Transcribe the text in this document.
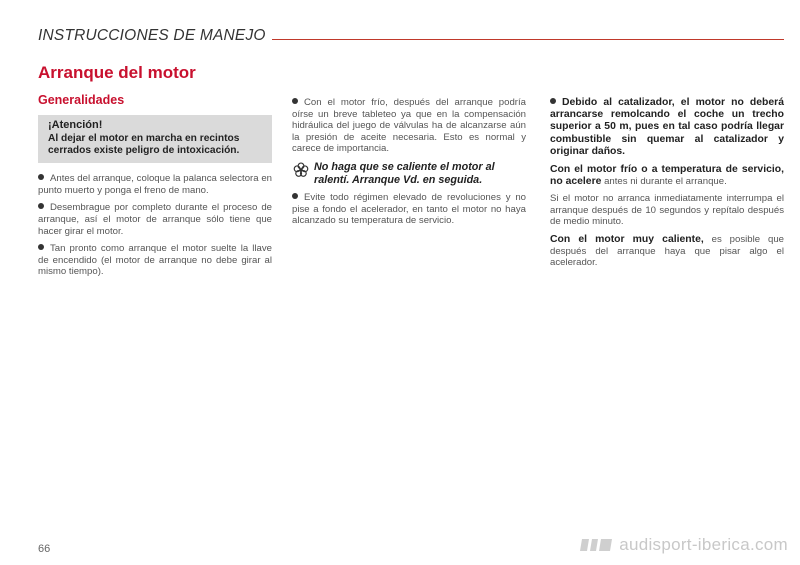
INSTRUCCIONES DE MANEJO
Arranque del motor
Generalidades
¡Atención!
Al dejar el motor en marcha en recintos cerrados existe peligro de intoxicación.

Antes del arranque, coloque la palanca selectora en punto muerto y ponga el freno de mano.

Desembrague por completo durante el proceso de arranque, así el motor de arranque sólo tiene que hacer girar el motor.

Tan pronto como arranque el motor suelte la llave de encendido (el motor de arranque no debe girar al mismo tiempo).

Con el motor frío, después del arranque podría oírse un breve tableteo ya que en la compensación hidráulica del juego de válvulas ha de alcanzarse aún la presión de aceite necesaria. Esto es normal y carece de importancia.

No haga que se caliente el motor al ralentí. Arranque Vd. en seguida.

Evite todo régimen elevado de revoluciones y no pise a fondo el acelerador, en tanto el motor no haya alcanzado su temperatura de servicio.

Debido al catalizador, el motor no deberá arrancarse remolcando el coche un trecho superior a 50 m, pues en tal caso podría llegar combustible sin quemar al catalizador y originar daños.

Con el motor frío o a temperatura de servicio, no acelere antes ni durante el arranque.

Si el motor no arranca inmediatamente interrumpa el arranque después de 10 segundos y repítalo después de medio minuto.

Con el motor muy caliente, es posible que después del arranque haya que pisar algo el acelerador.

66	audisport-iberica.com
